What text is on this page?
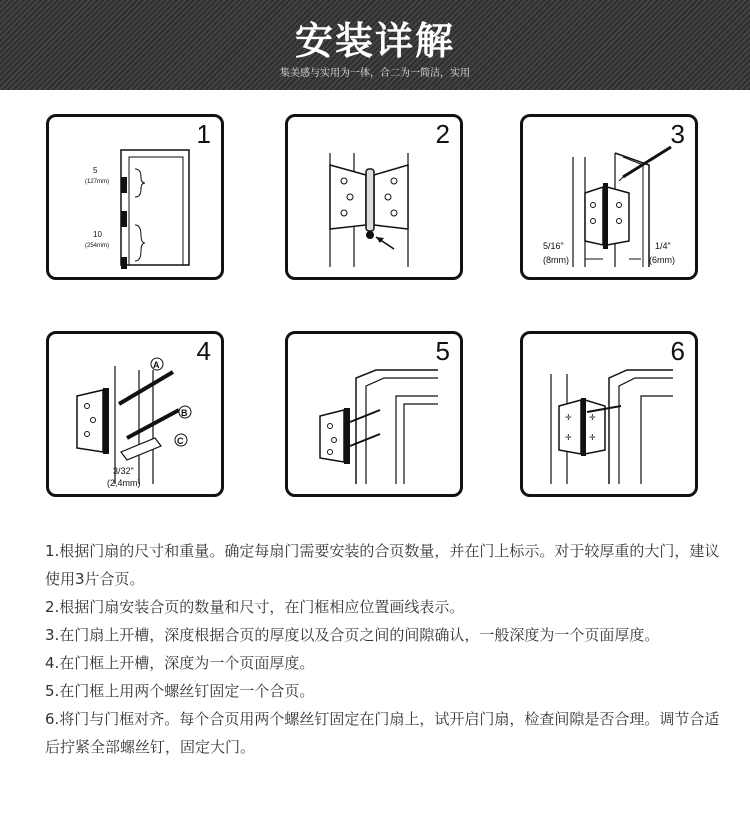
安装详解
集美感与实用为一体，合二为一简洁，实用
1
5
(127mm)
10
(254mm)
2	3
5/16"
(8mm)
1/4"
(6mm)
4
A
B
C
3/32"
(2,4mm)
5	6
✛
✛
✛
✛

1.根据门扇的尺寸和重量。确定每扇门需要安装的合页数量，并在门上标示。对于较厚重的大门，建议使用3片合页。

2.根据门扇安装合页的数量和尺寸，在门框相应位置画线表示。

3.在门扇上开槽，深度根据合页的厚度以及合页之间的间隙确认，一般深度为一个页面厚度。

4.在门框上开槽，深度为一个页面厚度。

5.在门框上用两个螺丝钉固定一个合页。

6.将门与门框对齐。每个合页用两个螺丝钉固定在门扇上，试开启门扇，检查间隙是否合理。调节合适后拧紧全部螺丝钉，固定大门。
